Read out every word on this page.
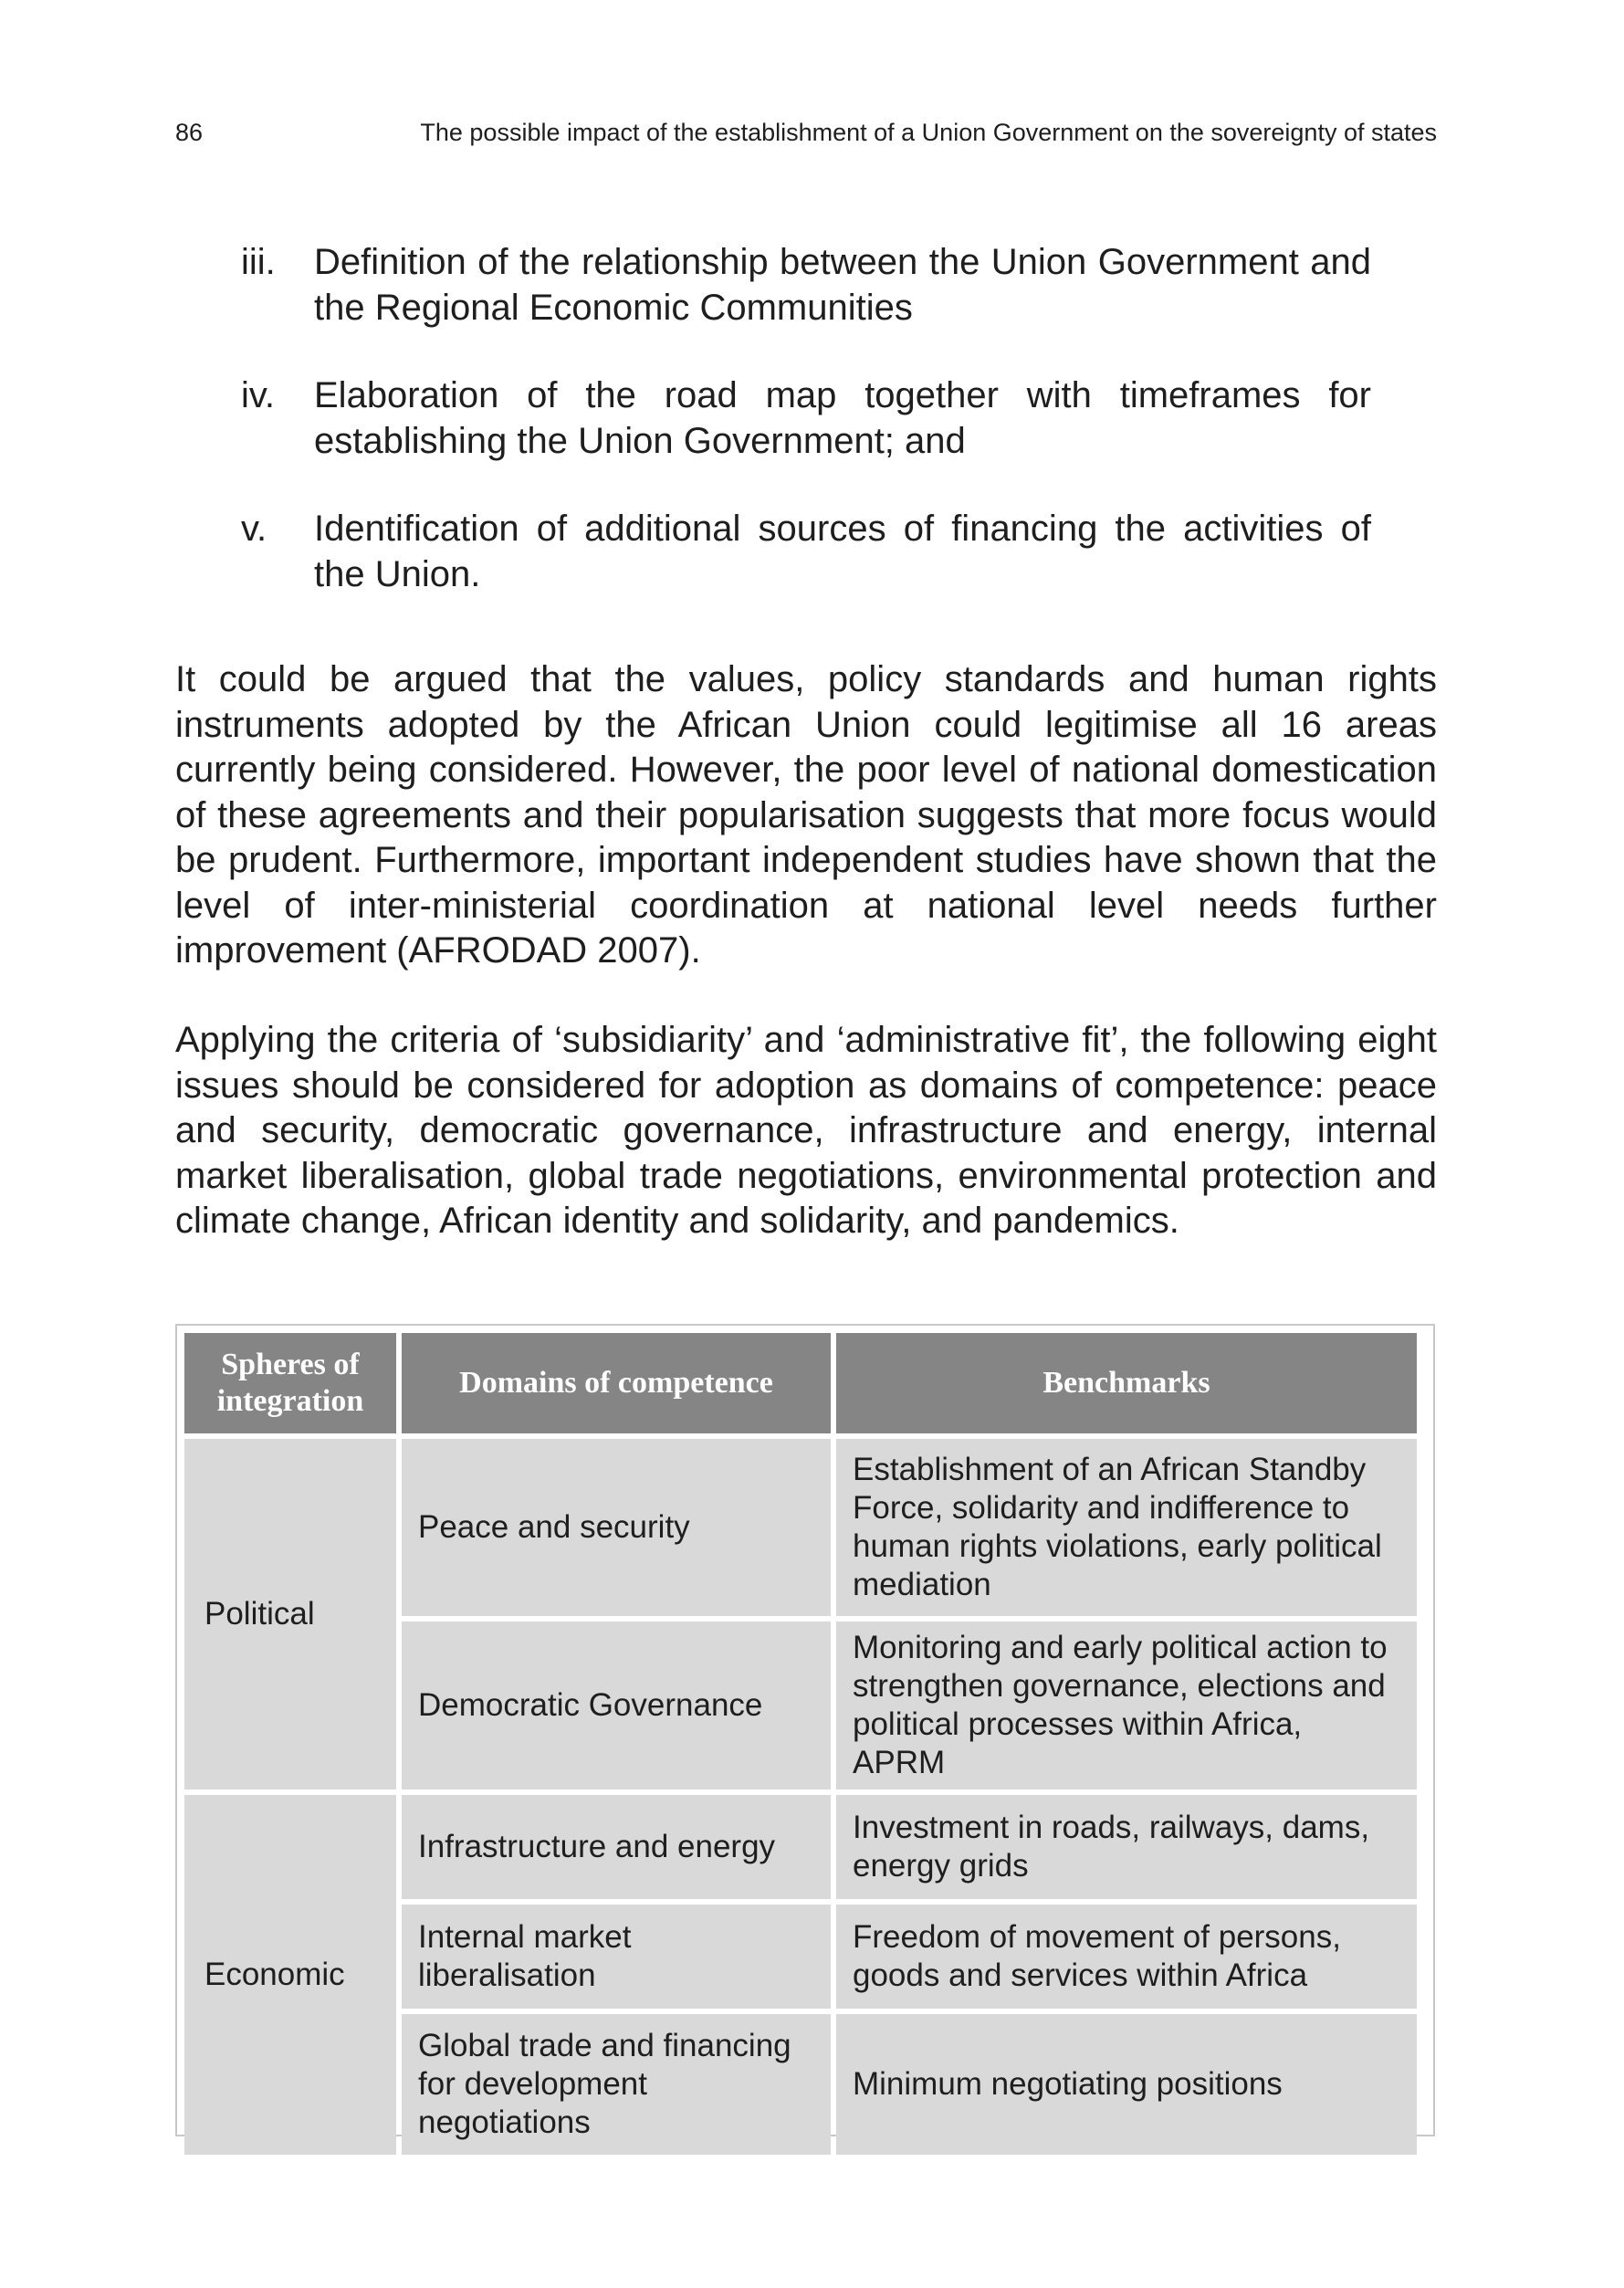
86	The possible impact of the establishment of a Union Government on the sovereignty of states
iii. Definition of the relationship between the Union Government and the Regional Economic Communities
iv. Elaboration of the road map together with timeframes for establishing the Union Government; and
v. Identification of additional sources of financing the activities of the Union.

It could be argued that the values, policy standards and human rights instruments adopted by the African Union could legitimise all 16 areas currently being considered. However, the poor level of national domestication of these agreements and their popularisation suggests that more focus would be prudent. Furthermore, important independent studies have shown that the level of inter-ministerial coordination at national level needs further improvement (AFRODAD 2007).

Applying the criteria of ‘subsidiarity’ and ‘administrative fit’, the following eight issues should be considered for adoption as domains of competence: peace and security, democratic governance, infrastructure and energy, internal market liberalisation, global trade negotiations, environmental protection and climate change, African identity and solidarity, and pandemics.

Spheres of integration	Domains of competence	Benchmarks
Political	Peace and security	Establishment of an African Standby Force, solidarity and indifference to human rights violations, early political mediation
	Democratic Governance	Monitoring and early political action to strengthen governance, elections and political processes within Africa, APRM
Economic	Infrastructure and energy	Investment in roads, railways, dams, energy grids
	Internal market liberalisation	Freedom of movement of persons, goods and services within Africa
	Global trade and financing for development negotiations	Minimum negotiating positions
